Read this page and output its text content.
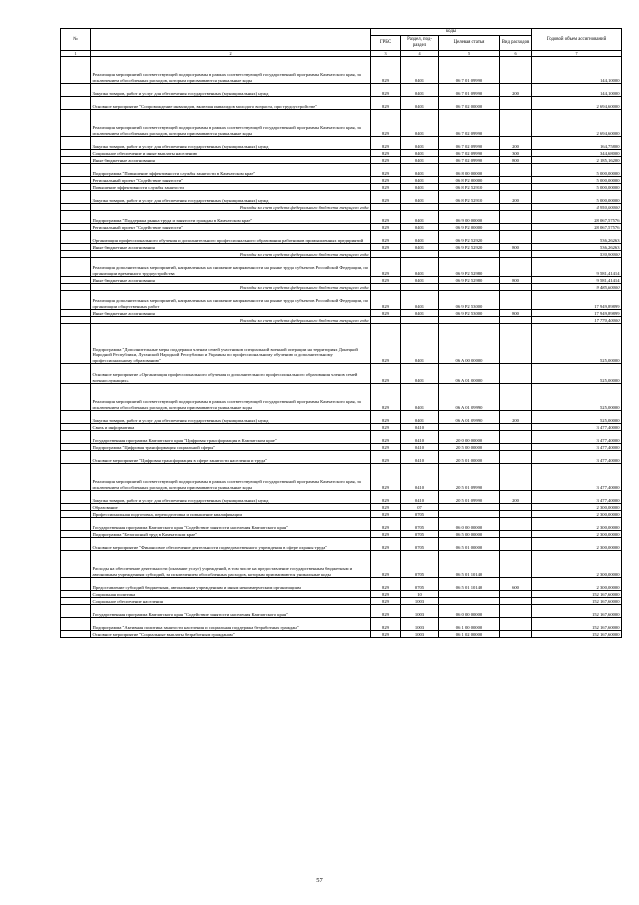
№		коды				Годовой объем ассигнований
		ГРБС	Раздел, под-раздел	Целевая статья	Вид расходов	
1	2	3	4	5	6	7
	Реализация мероприятий соответствующей подпрограммы в рамках соответствующей государственной программы Камчатского края, за исключением обособленных расходов, которым присваиваются уникальные коды	829	0401	06 7 01 09990		144,10000
	Закупка товаров, работ и услуг для обеспечения государственных (муниципальных) нужд	829	0401	06 7 01 09990	200	144,10000
	Основное мероприятие "Сопровождение инвалидов, включая инвалидов молодого возраста, при трудоустройстве"	829	0401	06 7 02 00000		2 694,60000
	Реализация мероприятий соответствующей подпрограммы в рамках соответствующей государственной программы Камчатского края, за исключением обособленных расходов, которым присваиваются уникальные коды	829	0401	06 7 02 09990		2 694,60000
	Закупка товаров, работ и услуг для обеспечения государственных (муниципальных) нужд	829	0401	06 7 02 09990	200	164,75800
	Социальное обеспечение и иные выплаты населению	829	0401	06 7 02 09990	300	344,68000
	Иные бюджетные ассигнования	829	0401	06 7 02 09990	800	2 185,16200
	Подпрограмма "Повышение эффективности службы занятости в Камчатском крае"	829	0401	06 8 00 00000		5 000,00000
	Региональный проект "Содействие занятости"	829	0401	06 8 P2 00000		5 000,00000
	Повышение эффективности службы занятости	829	0401	06 8 P2 52910		5 000,00000
	Закупка товаров, работ и услуг для обеспечения государственных (муниципальных) нужд	829	0401	06 8 P2 52910	200	5 000,00000
	Расходы за счет средств федерального бюджета текущего года					4 950,00000
	Подпрограмма "Поддержка рынка труда и занятости граждан в Камчатском крае"	829	0401	06 9 00 00000		28 067,57576
	Региональный проект "Содействие занятости"	829	0401	06 9 P2 00000		28 067,57576
	Организация профессионального обучения и дополнительного профессионального образования работников промышленных предприятий	829	0401	06 9 P2 52920		536,26263
	Иные бюджетные ассигнования	829	0401	06 9 P2 52920	800	536,26263
	Расходы за счет средств федерального бюджета текущего года					530,90000
	Реализация дополнительных мероприятий, направленных на снижение напряженности на рынке труда субъектов Российской Федерации, по организации временного трудоустройства	829	0401	06 9 P2 52980		9 581,41414
	Иные бюджетные ассигнования	829	0401	06 9 P2 52980	800	9 581,41414
	Расходы за счет средств федерального бюджета текущего года					9 485,60000
	Реализация дополнительных мероприятий, направленных на снижение напряженности на рынке труда субъектов Российской Федерации, по организации общественных работ	829	0401	06 9 P2 53000		17 949,89899
	Иные бюджетные ассигнования	829	0401	06 9 P2 53000	800	17 949,89899
	Расходы за счет средств федерального бюджета текущего года					17 770,40000
	Подпрограмма "Дополнительные меры поддержки членам семей участников специальной военной операции на территориях Донецкой Народной Республики, Луганской Народной Республики и Украины по профессиональному обучению и дополнительному профессиональному образованию"	829	0401	06 A 00 00000		525,00000
	Основное мероприятие «Организация профессионального обучения и дополнительного профессионального образования членов семей военнослужащих»	829	0401	06 A 01 00000		525,00000
	Реализация мероприятий соответствующей подпрограммы в рамках соответствующей государственной программы Камчатского края, за исключением обособленных расходов, которым присваиваются уникальные коды	829	0401	06 A 01 09990		525,00000
	Закупка товаров, работ и услуг для обеспечения государственных (муниципальных) нужд	829	0401	06 A 01 09990	200	525,00000
	Связь и информатика	829	0410			3 477,40000
	Государственная программа Камчатского края "Цифровая трансформация в Камчатском крае"	829	0410	20 0 00 00000		3 477,40000
	Подпрограмма "Цифровая трансформация социальной сферы"	829	0410	20 5 00 00000		3 477,40000
	Основное мероприятие "Цифровая трансформация в сфере занятости населения и труда"	829	0410	20 5 01 00000		3 477,40000
	Реализация мероприятий соответствующей подпрограммы в рамках соответствующей государственной программы Камчатского края, за исключением обособленных расходов, которым присваиваются уникальные коды	829	0410	20 5 01 09990		3 477,40000
	Закупка товаров, работ и услуг для обеспечения государственных (муниципальных) нужд	829	0410	20 5 01 09990	200	3 477,40000
	Образование	829	07			2 300,00000
	Профессиональная подготовка, переподготовка и повышение квалификации	829	0705			2 300,00000
	Государственная программа Камчатского края "Содействие занятости населения Камчатского края"	829	0705	06 0 00 00000		2 300,00000
	Подпрограмма "Безопасный труд в Камчатском крае"	829	0705	06 5 00 00000		2 300,00000
	Основное мероприятие "Финансовое обеспечение деятельности подведомственного учреждения в сфере охраны труда"	829	0705	06 5 01 00000		2 300,00000
	Расходы на обеспечение деятельности (оказание услуг) учреждений, в том числе на предоставление государственным бюджетным и автономным учреждениям субсидий, за исключением обособленных расходов, которым присваиваются уникальные коды	829	0705	06 5 01 10140		2 300,00000
	Предоставление субсидий бюджетным, автономным учреждениям и иным некоммерческим организациям	829	0705	06 5 01 10140	600	2 300,00000
	Социальная политика	829	10			152 167,60000
	Социальное обеспечение населения	829	1003			152 167,60000
	Государственная программа Камчатского края "Содействие занятости населения Камчатского края"	829	1003	06 0 00 00000		152 167,60000
	Подпрограмма "Активная политика занятости населения и социальная поддержка безработных граждан"	829	1003	06 1 00 00000		152 167,60000
	Основное мероприятие "Социальные выплаты безработным гражданам"	829	1003	06 1 02 00000		152 167,60000
57
